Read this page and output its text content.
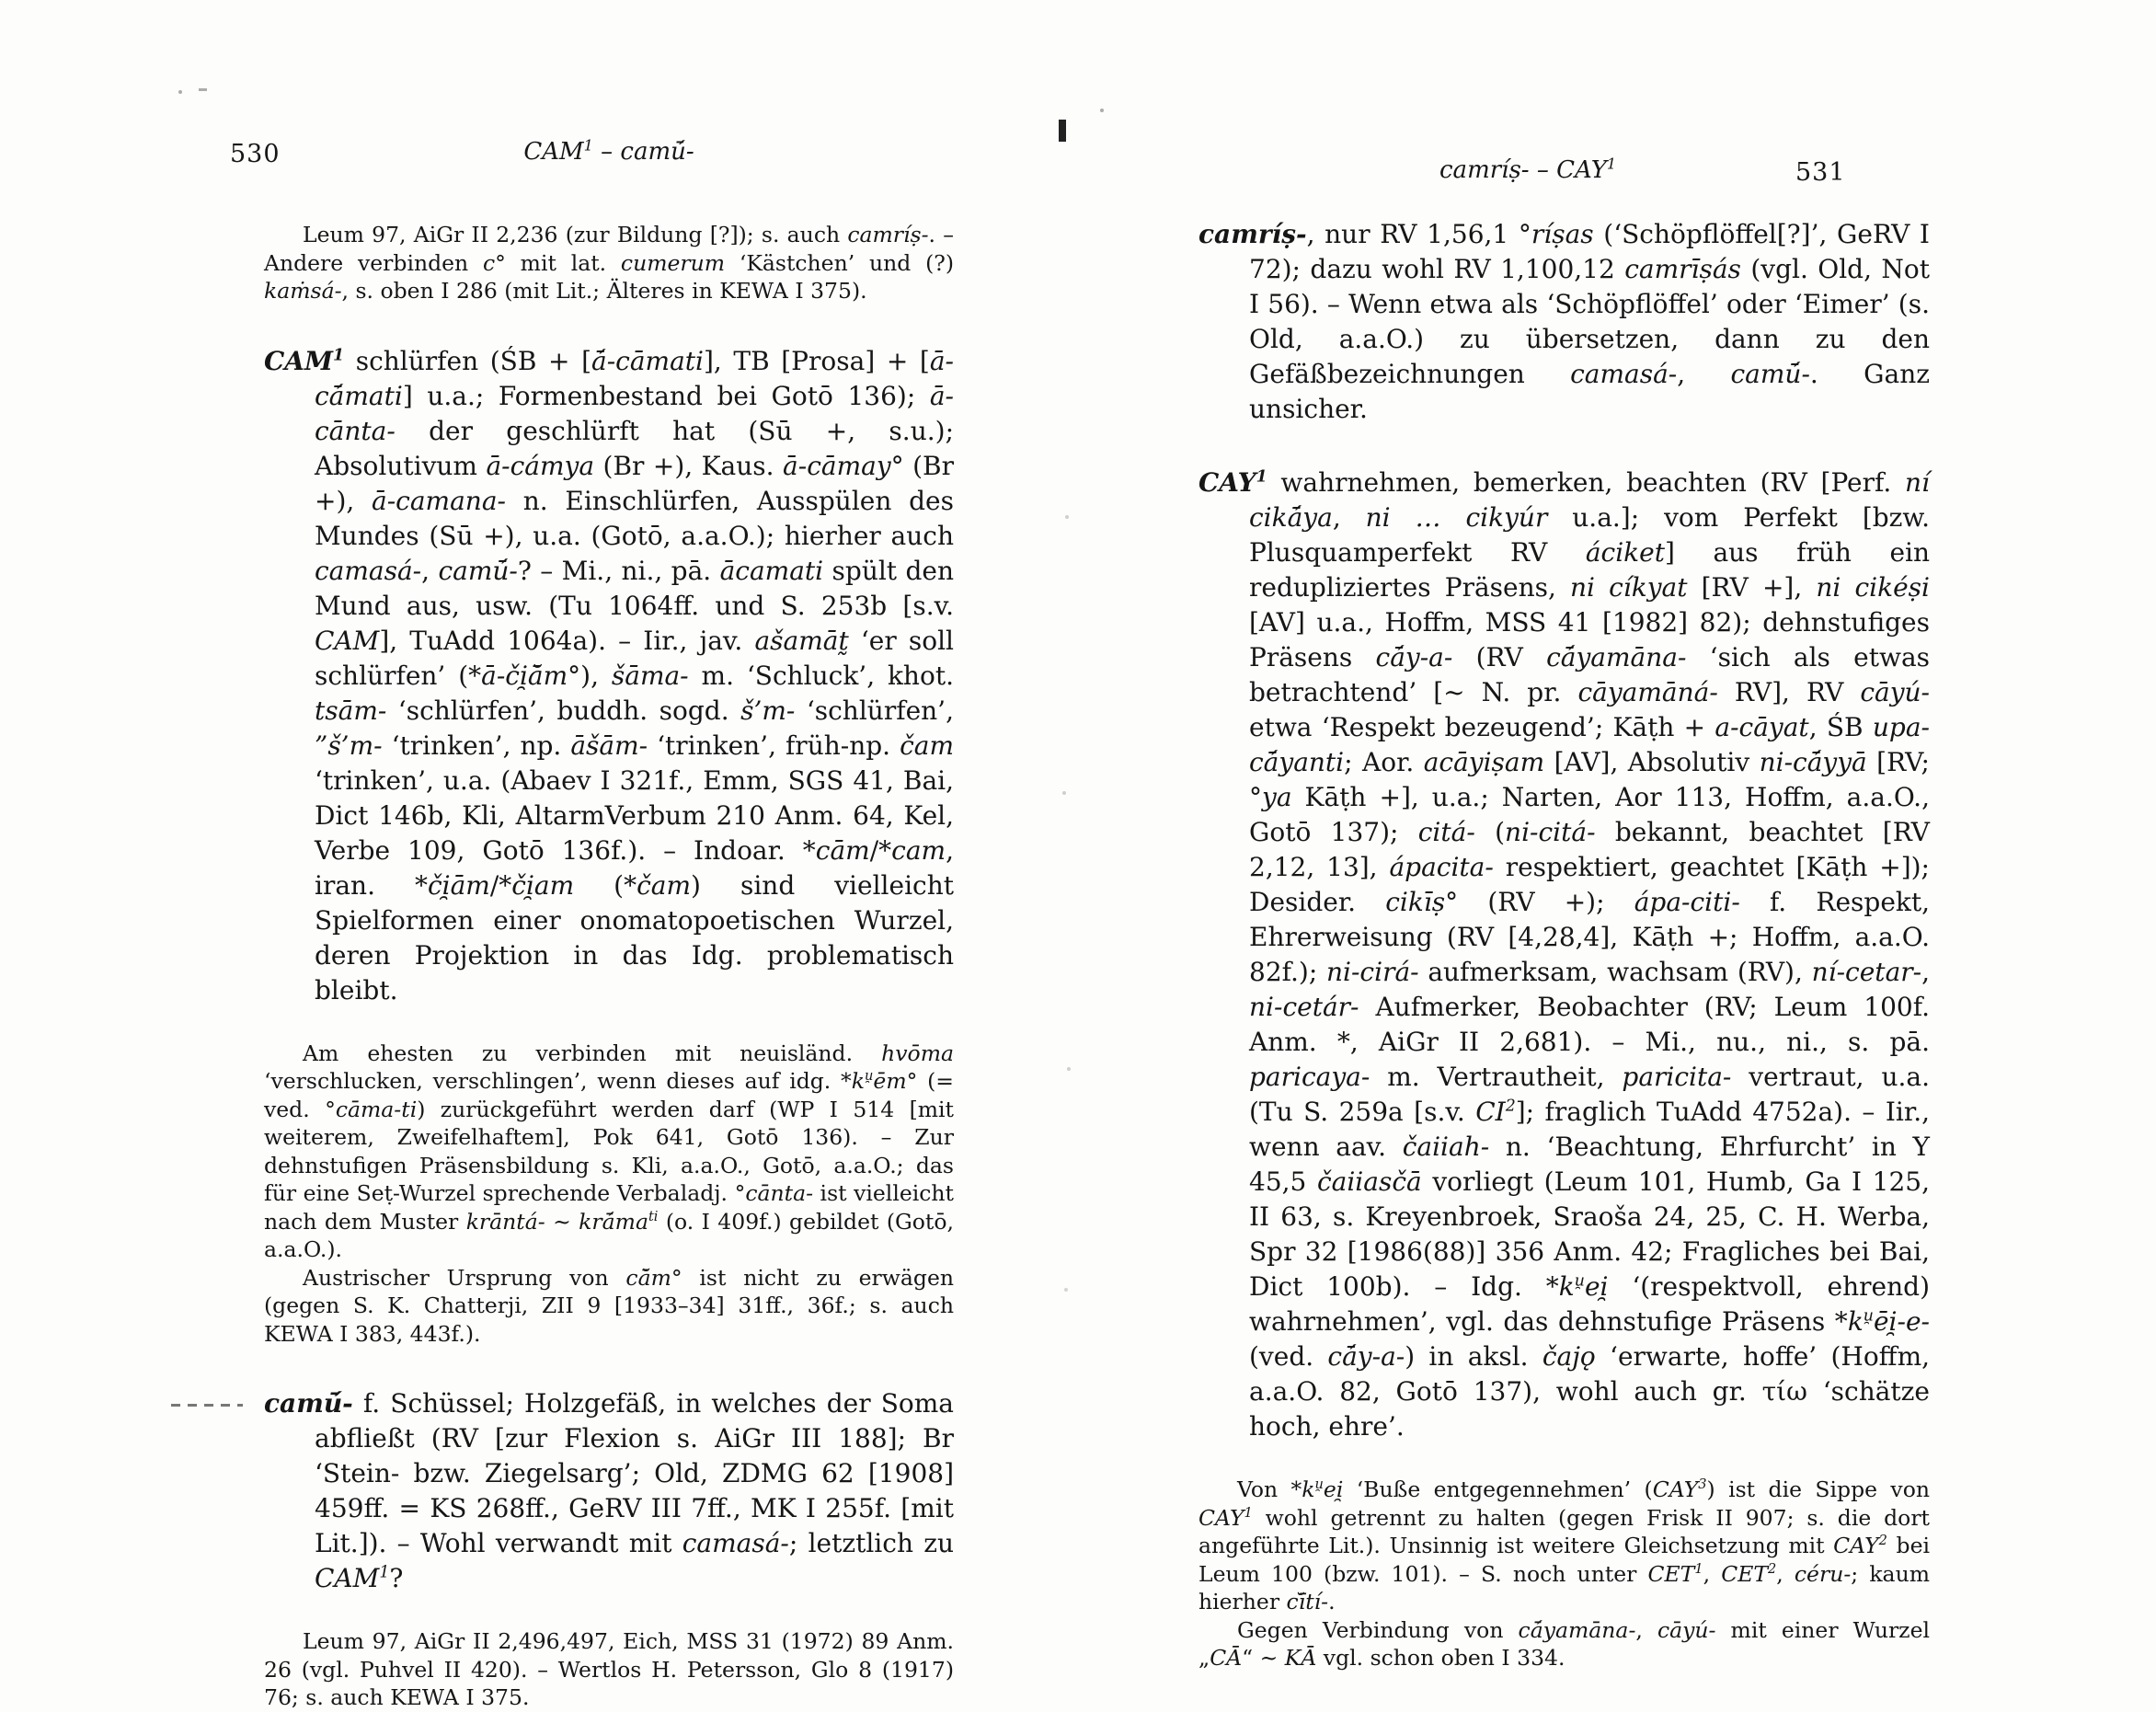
530	CAM$^1$ – camū́-

Leum 97, AiGr II 2,236 (zur Bildung [?]); s. auch camríṣ-. – Andere verbinden c° mit lat. cumerum ‘Kästchen’ und (?) kaṁsá-, s. oben I 286 (mit Lit.; Älteres in KEWA I 375).

CAM$^1$ schlürfen (ŚB + [ā́-cāmati], TB [Prosa] + [ā-cā́mati] u.a.; Formenbestand bei Gotō 136); ā-cānta- der geschlürft hat (Sū +, s.u.); Absolutivum ā-cámya (Br +), Kaus. ā-cāmay° (Br +), ā-camana- n. Einschlürfen, Ausspülen des Mundes (Sū +), u.a. (Gotō, a.a.O.); hierher auch camasá-, camū́-? – Mi., ni., pā. ācamati spült den Mund aus, usw. (Tu 1064ff. und S. 253b [s.v. CAM], TuAdd 1064a). – Iir., jav. ašamāt̰ ‘er soll schlürfen’ (*ā-či̯ā̆m°), šāma- m. ‘Schluck’, khot. tsām- ‘schlürfen’, buddh. sogd. š’m- ‘schlürfen’, ”š’m- ‘trinken’, np. āšām- ‘trinken’, früh-np. čam ‘trinken’, u.a. (Abaev I 321f., Emm, SGS 41, Bai, Dict 146b, Kli, AltarmVerbum 210 Anm. 64, Kel, Verbe 109, Gotō 136f.). – Indoar. *cām/*cam, iran. *či̯ām/*či̯am (*čam) sind vielleicht Spielformen einer onomatopoetischen Wurzel, deren Projektion in das Idg. problematisch bleibt.

Am ehesten zu verbinden mit neuisländ. hvōma ‘verschlucken, verschlingen’, wenn dieses auf idg. $*k^{u̯}ēm^\circ$ (= ved. °cāma-ti) zurückgeführt werden darf (WP I 514 [mit weiterem, Zweifelhaftem], Pok 641, Gotō 136). – Zur dehnstufigen Präsensbildung s. Kli, a.a.O., Gotō, a.a.O.; das für eine Seṭ-Wurzel sprechende Verbaladj. °cānta- ist vielleicht nach dem Muster krāntá- ~ $krā́ma^{ti}$ (o. I 409f.) gebildet (Gotō, a.a.O.).

Austrischer Ursprung von cā̆m° ist nicht zu erwägen (gegen S. K. Chatterji, ZII 9 [1933–34] 31ff., 36f.; s. auch KEWA I 383, 443f.).

camū́- f. Schüssel; Holzgefäß, in welches der Soma abfließt (RV [zur Flexion s. AiGr III 188]; Br ‘Stein- bzw. Ziegelsarg’; Old, ZDMG 62 [1908] 459ff. = KS 268ff., GeRV III 7ff., MK I 255f. [mit Lit.]). – Wohl verwandt mit camasá-; letztlich zu CAM$^1$?

Leum 97, AiGr II 2,496,497, Eich, MSS 31 (1972) 89 Anm. 26 (vgl. Puhvel II 420). – Wertlos H. Petersson, Glo 8 (1917) 76; s. auch KEWA I 375.

camríṣ- – CAY$^1$	531

camríṣ-, nur RV 1,56,1 °ríṣas (‘Schöpflöffel[?]’, GeRV I 72); dazu wohl RV 1,100,12 camrīṣás (vgl. Old, Not I 56). – Wenn etwa als ‘Schöpflöffel’ oder ‘Eimer’ (s. Old, a.a.O.) zu übersetzen, dann zu den Gefäßbezeichnungen camasá-, camū́-. Ganz unsicher.

CAY$^1$ wahrnehmen, bemerken, beachten (RV [Perf. ní cikā́ya, ni … cikyúr u.a.]; vom Perfekt [bzw. Plusquamperfekt RV áciket] aus früh ein redupliziertes Präsens, ni cíkyat [RV +], ni cikéṣi [AV] u.a., Hoffm, MSS 41 [1982] 82); dehnstufiges Präsens cā́y-a- (RV cā́yamāna- ‘sich als etwas betrachtend’ [~ N. pr. cāyamāná- RV], RV cāyú- etwa ‘Respekt bezeugend’; Kāṭh + a-cāyat, ŚB upa-cā́yanti; Aor. acāyiṣam [AV], Absolutiv ni-cā́yyā [RV; °ya Kāṭh +], u.a.; Narten, Aor 113, Hoffm, a.a.O., Gotō 137); citá- (ni-citá- bekannt, beachtet [RV 2,12, 13], ápacita- respektiert, geachtet [Kāṭh +]); Desider. cikīṣ° (RV +); ápa-citi- f. Respekt, Ehrerweisung (RV [4,28,4], Kāṭh +; Hoffm, a.a.O. 82f.); ni-cirá- aufmerksam, wachsam (RV), ní-cetar-, ni-cetár- Aufmerker, Beobachter (RV; Leum 100f. Anm. *, AiGr II 2,681). – Mi., nu., ni., s. pā. paricaya- m. Vertrautheit, paricita- vertraut, u.a. (Tu S. 259a [s.v. $CI^2$]; fraglich TuAdd 4752a). – Iir., wenn aav. čaiiah- n. ‘Beachtung, Ehrfurcht’ in Y 45,5 čaiiasčā vorliegt (Leum 101, Humb, Ga I 125, II 63, s. Kreyenbroek, Sraoša 24, 25, C. H. Werba, Spr 32 [1986(88)] 356 Anm. 42; Fragliches bei Bai, Dict 100b). – Idg. $*k^{u̯}ei̯$ ‘(respektvoll, ehrend) wahrnehmen’, vgl. das dehnstufige Präsens $*k^{u̯}ēi̯-e-$ (ved. cā́y-a-) in aksl. čajǫ ‘erwarte, hoffe’ (Hoffm, a.a.O. 82, Gotō 137), wohl auch gr. τίω ‘schätze hoch, ehre’.

Von $*k^{u̯}ei̯$ ‘Buße entgegennehmen’ (CAY$^3$) ist die Sippe von CAY$^1$ wohl getrennt zu halten (gegen Frisk II 907; s. die dort angeführte Lit.). Unsinnig ist weitere Gleichsetzung mit CAY$^2$ bei Leum 100 (bzw. 101). – S. noch unter CET$^1$, CET$^2$, céru-; kaum hierher cī̆tí-.

Gegen Verbindung von cā́yamāna-, cāyú- mit einer Wurzel „CĀ“ ~ KĀ vgl. schon oben I 334.
